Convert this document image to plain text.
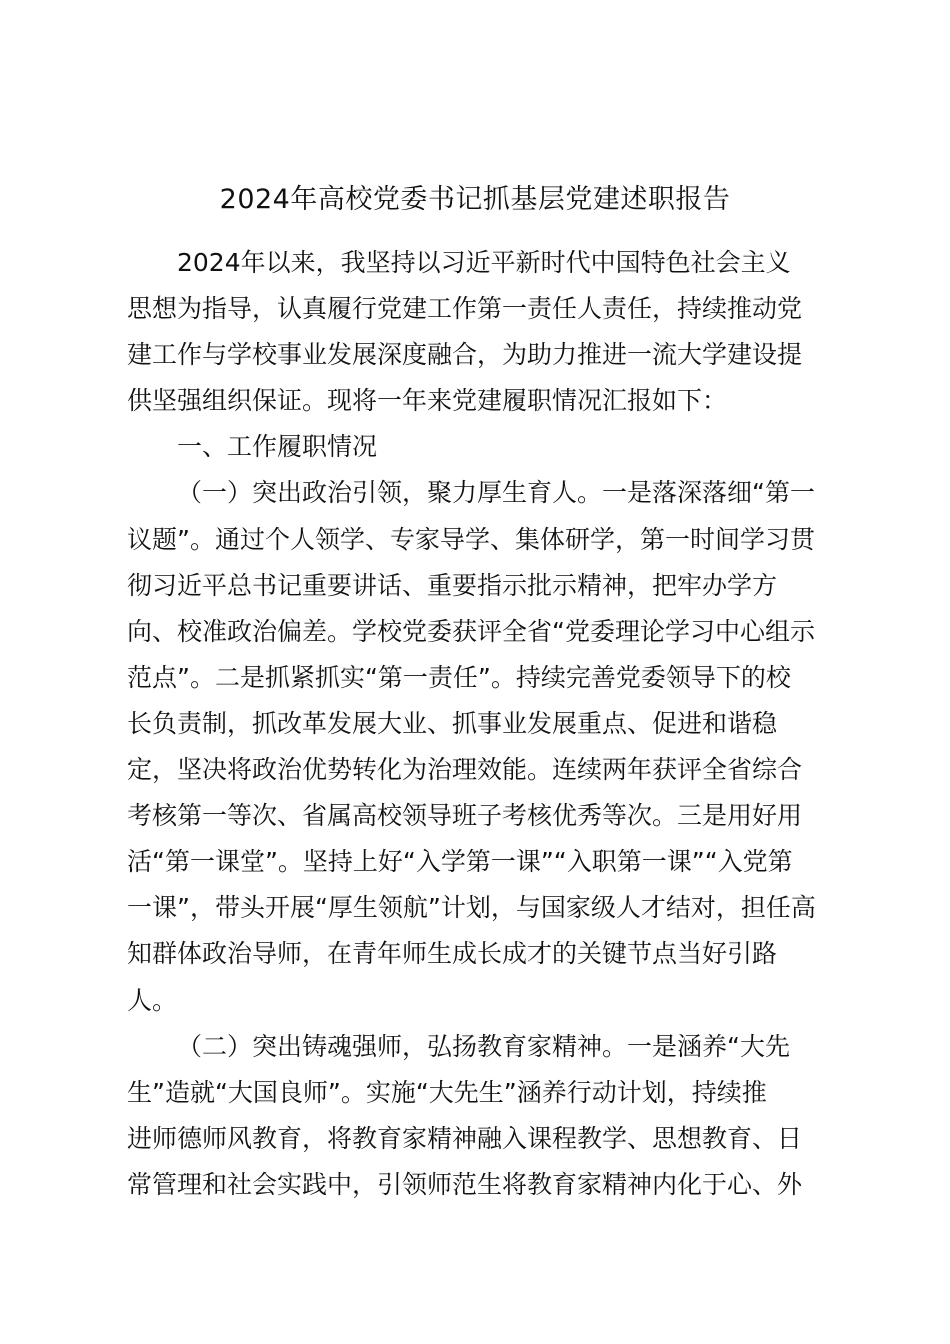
2024年高校党委书记抓基层党建述职报告
2024年以来，我坚持以习近平新时代中国特色社会主义
思想为指导，认真履行党建工作第一责任人责任，持续推动党
建工作与学校事业发展深度融合，为助力推进一流大学建设提
供坚强组织保证。现将一年来党建履职情况汇报如下：
一、工作履职情况
（一）突出政治引领，聚力厚生育人。一是落深落细“第一
议题”。通过个人领学、专家导学、集体研学，第一时间学习贯
彻习近平总书记重要讲话、重要指示批示精神，把牢办学方
向、校准政治偏差。学校党委获评全省“党委理论学习中心组示
范点”。二是抓紧抓实“第一责任”。持续完善党委领导下的校
长负责制，抓改革发展大业、抓事业发展重点、促进和谐稳
定，坚决将政治优势转化为治理效能。连续两年获评全省综合
考核第一等次、省属高校领导班子考核优秀等次。三是用好用
活“第一课堂”。坚持上好“入学第一课”“入职第一课”“入党第
一课”，带头开展“厚生领航”计划，与国家级人才结对，担任高
知群体政治导师，在青年师生成长成才的关键节点当好引路
人。
（二）突出铸魂强师，弘扬教育家精神。一是涵养“大先
生”造就“大国良师”。实施“大先生”涵养行动计划，持续推
进师德师风教育，将教育家精神融入课程教学、思想教育、日
常管理和社会实践中，引领师范生将教育家精神内化于心、外
